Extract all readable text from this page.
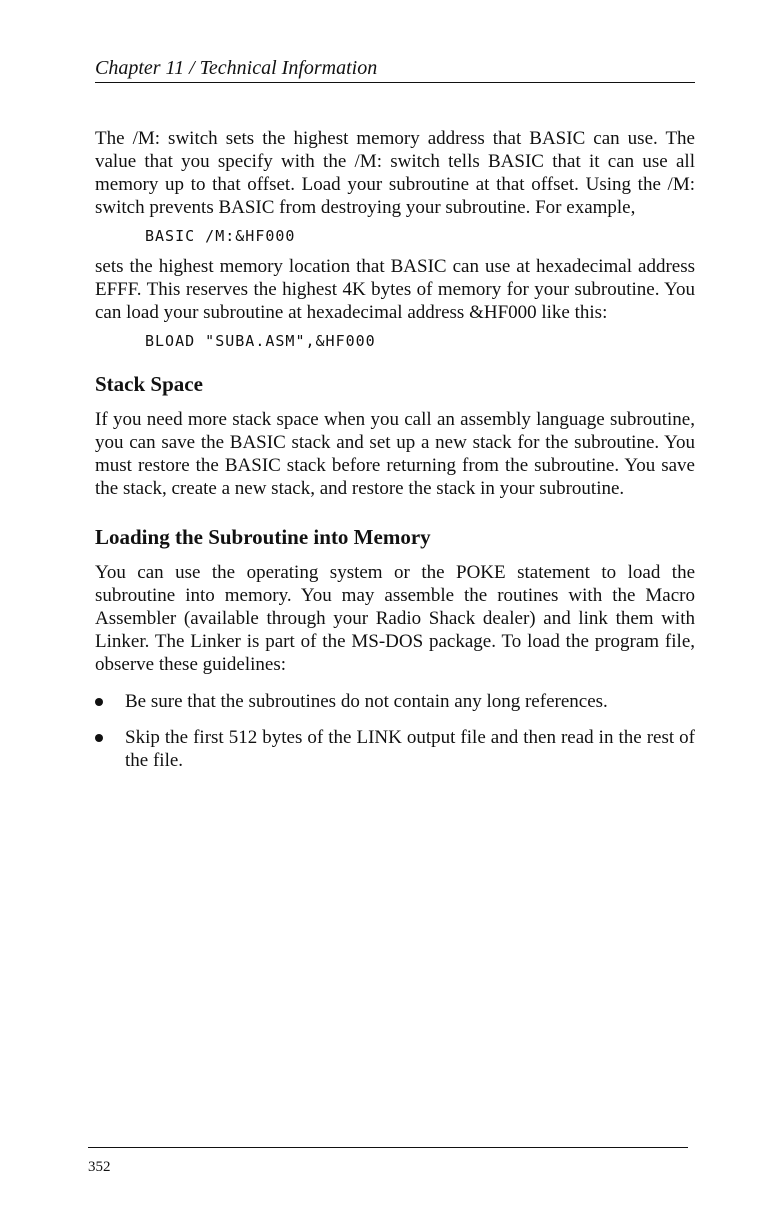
Chapter 11 / Technical Information

The /M: switch sets the highest memory address that BASIC can use. The value that you specify with the /M: switch tells BASIC that it can use all memory up to that offset. Load your subroutine at that offset. Using the /M: switch prevents BASIC from destroying your subroutine. For example,

BASIC /M:&HF000

sets the highest memory location that BASIC can use at hexadecimal address EFFF. This reserves the highest 4K bytes of memory for your subroutine. You can load your subroutine at hexadecimal address &HF000 like this:

BLOAD "SUBA.ASM",&HF000
Stack Space

If you need more stack space when you call an assembly language subroutine, you can save the BASIC stack and set up a new stack for the subroutine. You must restore the BASIC stack before returning from the subroutine. You save the stack, create a new stack, and restore the stack in your subroutine.

Loading the Subroutine into Memory

You can use the operating system or the POKE statement to load the subroutine into memory. You may assemble the routines with the Macro Assembler (available through your Radio Shack dealer) and link them with Linker. The Linker is part of the MS-DOS package. To load the program file, observe these guidelines:

Be sure that the subroutines do not contain any long references.
Skip the first 512 bytes of the LINK output file and then read in the rest of the file.
352
